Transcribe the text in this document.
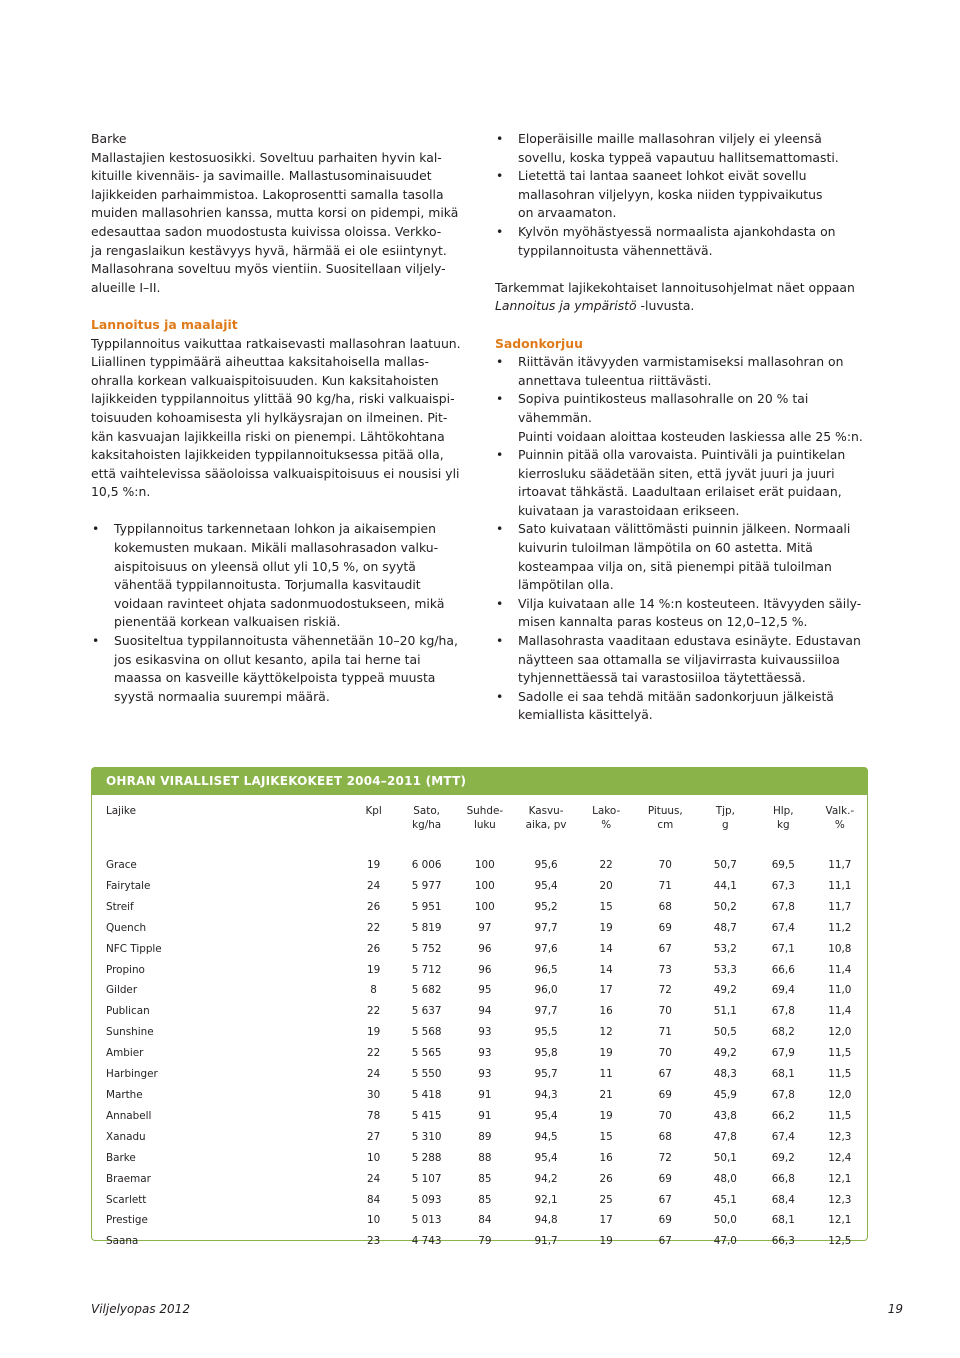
Barke

Mallastajien kestosuosikki. Soveltuu parhaiten hyvin kal-
kituille kivennäis- ja savimaille. Mallastusominaisuudet
lajikkeiden parhaimmistoa. Lakoprosentti samalla tasolla
muiden mallasohrien kanssa, mutta korsi on pidempi, mikä
edesauttaa sadon muodostusta kuivissa oloissa. Verkko-
ja rengaslaikun kestävyys hyvä, härmää ei ole esiintynyt.
Mallasohrana soveltuu myös vientiin. Suositellaan viljely-
alueille I–II.

Lannoitus ja maalajit

Typpilannoitus vaikuttaa ratkaisevasti mallasohran laatuun.
Liiallinen typpimäärä aiheuttaa kaksitahoisella mallas-
ohralla korkean valkuaispitoisuuden. Kun kaksitahoisten
lajikkeiden typpilannoitus ylittää 90 kg/ha, riski valkuaispi-
toisuuden kohoamisesta yli hylkäysrajan on ilmeinen. Pit-
kän kasvuajan lajikkeilla riski on pienempi. Lähtökohtana
kaksitahoisten lajikkeiden typpilannoituksessa pitää olla,
että vaihtelevissa sääoloissa valkuaispitoisuus ei nousisi yli
10,5 %:n.
• Typpilannoitus tarkennetaan lohkon ja aikaisempien
kokemusten mukaan. Mikäli mallasohrasadon valku-
aispitoisuus on yleensä ollut yli 10,5 %, on syytä
vähentää typpilannoitusta. Torjumalla kasvitaudit
voidaan ravinteet ohjata sadonmuodostukseen, mikä
pienentää korkean valkuaisen riskiä.
• Suositeltua typpilannoitusta vähennetään 10–20 kg/ha,
jos esikasvina on ollut kesanto, apila tai herne tai
maassa on kasveille käyttökelpoista typpeä muusta
syystä normaalia suurempi määrä.
• Eloperäisille maille mallasohran viljely ei yleensä
sovellu, koska typpeä vapautuu hallitsemattomasti.
• Lietettä tai lantaa saaneet lohkot eivät sovellu
mallasohran viljelyyn, koska niiden typpivaikutus
on arvaamaton.
• Kylvön myöhästyessä normaalista ajankohdasta on
typpilannoitusta vähennettävä.

Tarkemmat lajikekohtaiset lannoitusohjelmat näet oppaan
Lannoitus ja ympäristö -luvusta.

Sadonkorjuu

• Riittävän itävyyden varmistamiseksi mallasohran on
annettava tuleentua riittävästi.
• Sopiva puintikosteus mallasohralle on 20 % tai vähemmän.
Puinti voidaan aloittaa kosteuden laskiessa alle 25 %:n.
• Puinnin pitää olla varovaista. Puintiväli ja puintikelan
kierrosluku säädetään siten, että jyvät juuri ja juuri
irtoavat tähkästä. Laadultaan erilaiset erät puidaan,
kuivataan ja varastoidaan erikseen.
• Sato kuivataan välittömästi puinnin jälkeen. Normaali
kuivurin tuloilman lämpötila on 60 astetta. Mitä
kosteampaa vilja on, sitä pienempi pitää tuloilman
lämpötilan olla.
• Vilja kuivataan alle 14 %:n kosteuteen. Itävyyden säily-
misen kannalta paras kosteus on 12,0–12,5 %.
• Mallasohrasta vaaditaan edustava esinäyte. Edustavan
näytteen saa ottamalla se viljavirrasta kuivaussiiloa
tyhjennettäessä tai varastosiiloa täytettäessä.
• Sadolle ei saa tehdä mitään sadonkorjuun jälkeistä
kemiallista käsittelyä.
OHRAN VIRALLISET LAJIKEKOKEET 2004–2011 (MTT)
Lajike	Kpl	Sato,
kg/ha	Suhde-
luku	Kasvu-
aika, pv	Lako-
%	Pituus,
cm	Tjp,
g	Hlp,
kg	Valk.-
%

Grace	19	6 006	100	95,6	22	70	50,7	69,5	11,7
Fairytale	24	5 977	100	95,4	20	71	44,1	67,3	11,1
Streif	26	5 951	100	95,2	15	68	50,2	67,8	11,7
Quench	22	5 819	97	97,7	19	69	48,7	67,4	11,2
NFC Tipple	26	5 752	96	97,6	14	67	53,2	67,1	10,8
Propino	19	5 712	96	96,5	14	73	53,3	66,6	11,4
Gilder	8	5 682	95	96,0	17	72	49,2	69,4	11,0
Publican	22	5 637	94	97,7	16	70	51,1	67,8	11,4
Sunshine	19	5 568	93	95,5	12	71	50,5	68,2	12,0
Ambier	22	5 565	93	95,8	19	70	49,2	67,9	11,5
Harbinger	24	5 550	93	95,7	11	67	48,3	68,1	11,5
Marthe	30	5 418	91	94,3	21	69	45,9	67,8	12,0
Annabell	78	5 415	91	95,4	19	70	43,8	66,2	11,5
Xanadu	27	5 310	89	94,5	15	68	47,8	67,4	12,3
Barke	10	5 288	88	95,4	16	72	50,1	69,2	12,4
Braemar	24	5 107	85	94,2	26	69	48,0	66,8	12,1
Scarlett	84	5 093	85	92,1	25	67	45,1	68,4	12,3
Prestige	10	5 013	84	94,8	17	69	50,0	68,1	12,1
Saana	23	4 743	79	91,7	19	67	47,0	66,3	12,5
Viljelyopas 2012	19
